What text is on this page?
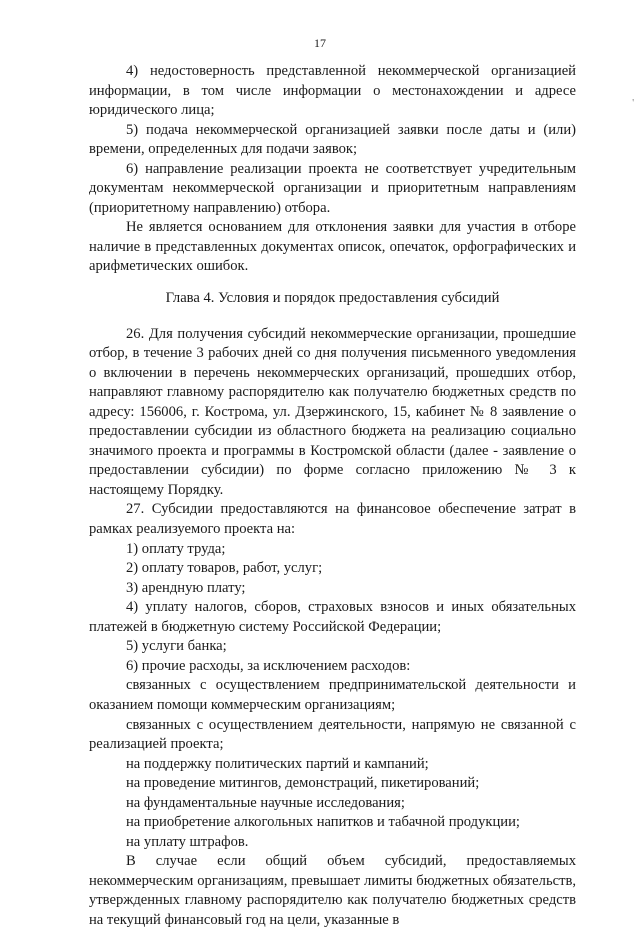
17
'

4) недостоверность представленной некоммерческой организацией информации, в том числе информации о местонахождении и адресе юридического лица;

5) подача некоммерческой организацией заявки после даты и (или) времени, определенных для подачи заявок;

6) направление реализации проекта не соответствует учредительным документам некоммерческой организации и приоритетным направлениям (приоритетному направлению) отбора.

Не является основанием для отклонения заявки для участия в отборе наличие в представленных документах описок, опечаток, орфографических и арифметических ошибок.

Глава 4. Условия и порядок предоставления субсидий

26. Для получения субсидий некоммерческие организации, прошедшие отбор, в течение 3 рабочих дней со дня получения письменного уведомления о включении в перечень некоммерческих организаций, прошедших отбор, направляют главному распорядителю как получателю бюджетных средств по адресу: 156006, г. Кострома, ул. Дзержинского, 15, кабинет № 8 заявление о предоставлении субсидии из областного бюджета на реализацию социально значимого проекта и программы в Костромской области (далее - заявление о предоставлении субсидии) по форме согласно приложению № 3 к настоящему Порядку.

27. Субсидии предоставляются на финансовое обеспечение затрат в рамках реализуемого проекта на:

1) оплату труда;

2) оплату товаров, работ, услуг;

3) арендную плату;

4) уплату налогов, сборов, страховых взносов и иных обязательных платежей в бюджетную систему Российской Федерации;

5) услуги банка;

6) прочие расходы, за исключением расходов:

связанных с осуществлением предпринимательской деятельности и оказанием помощи коммерческим организациям;

связанных с осуществлением деятельности, напрямую не связанной с реализацией проекта;

на поддержку политических партий и кампаний;

на проведение митингов, демонстраций, пикетирований;

на фундаментальные научные исследования;

на приобретение алкогольных напитков и табачной продукции;

на уплату штрафов.

В случае если общий объем субсидий, предоставляемых некоммерческим организациям, превышает лимиты бюджетных обязательств, утвержденных главному распорядителю как получателю бюджетных средств на текущий финансовый год на цели, указанные в
